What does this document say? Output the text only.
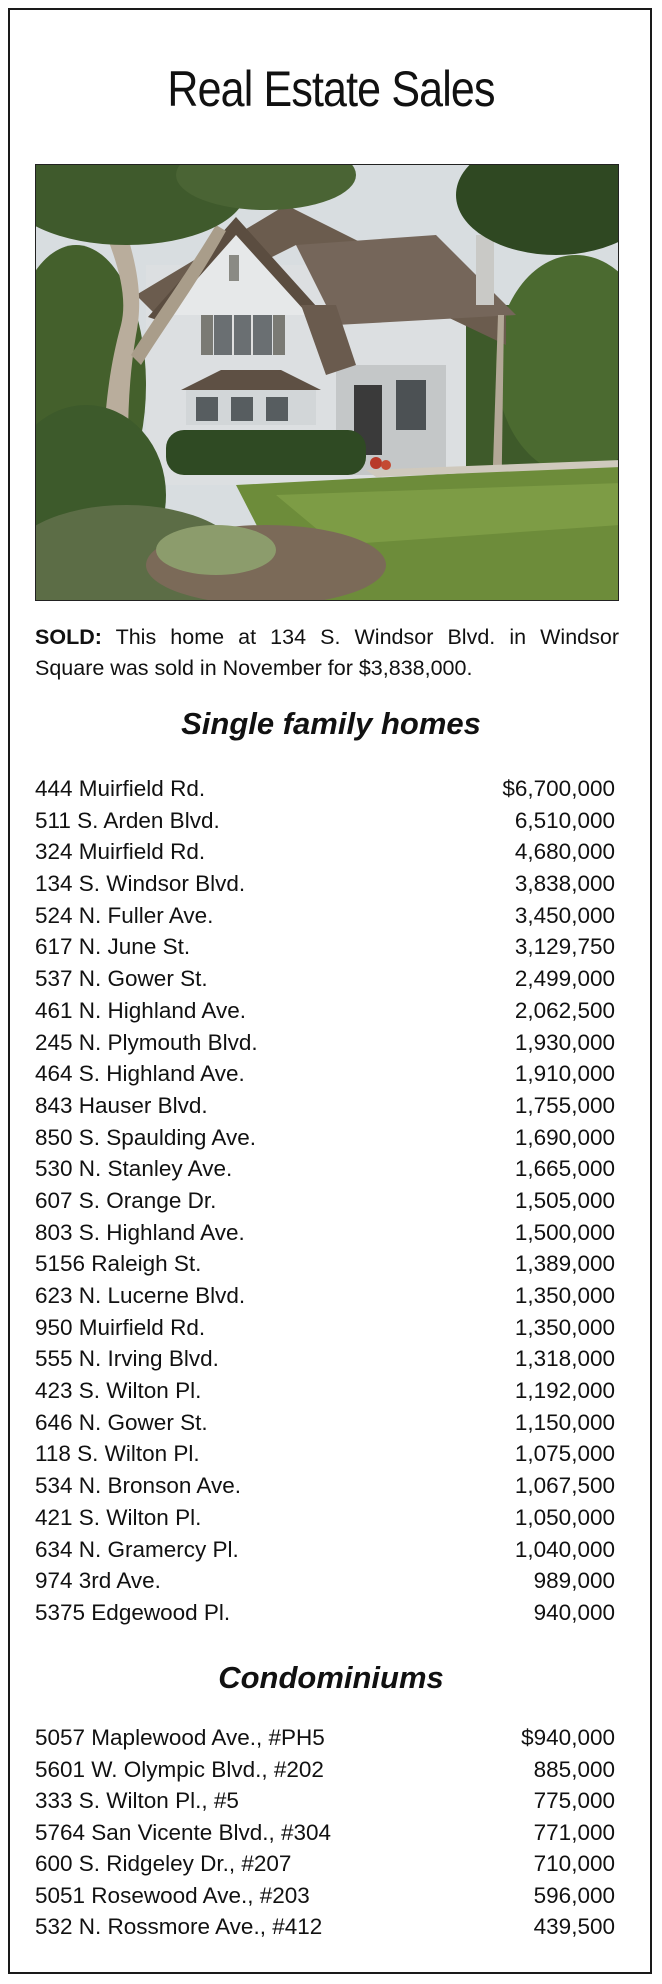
Real Estate Sales
SOLD: This home at 134 S. Windsor Blvd. in Windsor Square was sold in November for $3,838,000.
Single family homes
444 Muirfield Rd.	$6,700,000
511 S. Arden Blvd.	6,510,000
324 Muirfield Rd.	4,680,000
134 S. Windsor Blvd.	3,838,000
524 N. Fuller Ave.	3,450,000
617 N. June St.	3,129,750
537 N. Gower St.	2,499,000
461 N. Highland Ave.	2,062,500
245 N. Plymouth Blvd.	1,930,000
464 S. Highland Ave.	1,910,000
843 Hauser Blvd.	1,755,000
850 S. Spaulding Ave.	1,690,000
530 N. Stanley Ave.	1,665,000
607 S. Orange Dr.	1,505,000
803 S. Highland Ave.	1,500,000
5156 Raleigh St.	1,389,000
623 N. Lucerne Blvd.	1,350,000
950 Muirfield Rd.	1,350,000
555 N. Irving Blvd.	1,318,000
423 S. Wilton Pl.	1,192,000
646 N. Gower St.	1,150,000
118 S. Wilton Pl.	1,075,000
534 N. Bronson Ave.	1,067,500
421 S. Wilton Pl.	1,050,000
634 N. Gramercy Pl.	1,040,000
974 3rd Ave.	989,000
5375 Edgewood Pl.	940,000
Condominiums
5057 Maplewood Ave., #PH5	$940,000
5601 W. Olympic Blvd., #202	885,000
333 S. Wilton Pl., #5	775,000
5764 San Vicente Blvd., #304	771,000
600 S. Ridgeley Dr., #207	710,000
5051 Rosewood Ave., #203	596,000
532 N. Rossmore Ave., #412	439,500
